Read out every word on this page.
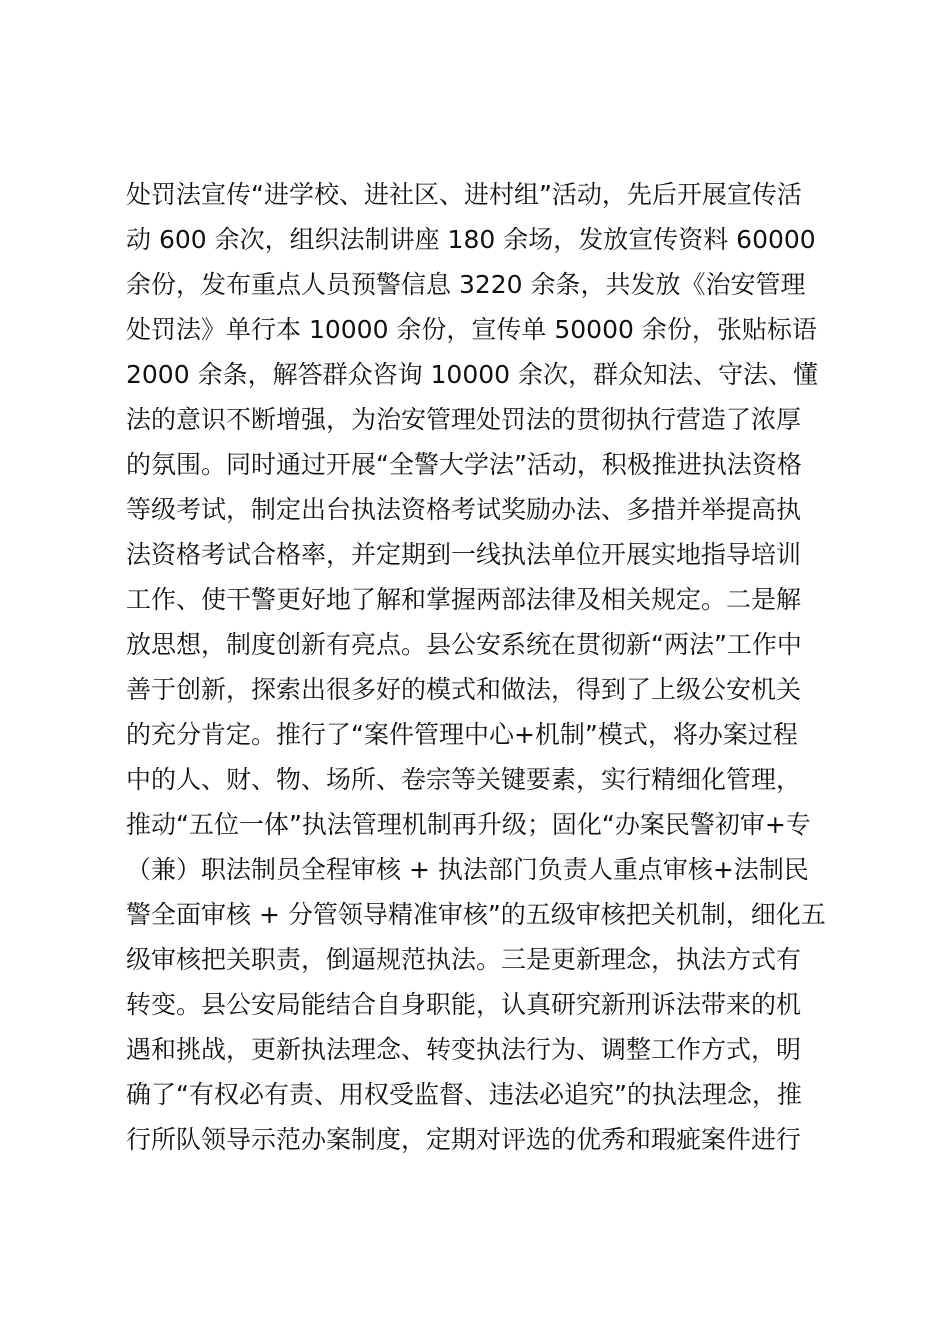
处罚法宣传“进学校、进社区、进村组”活动，先后开展宣传活
动 600 余次，组织法制讲座 180 余场，发放宣传资料 60000
余份，发布重点人员预警信息 3220 余条，共发放《治安管理
处罚法》单行本 10000 余份，宣传单 50000 余份，张贴标语
2000 余条，解答群众咨询 10000 余次，群众知法、守法、懂
法的意识不断增强，为治安管理处罚法的贯彻执行营造了浓厚
的氛围。同时通过开展“全警大学法”活动，积极推进执法资格
等级考试，制定出台执法资格考试奖励办法、多措并举提高执
法资格考试合格率，并定期到一线执法单位开展实地指导培训
工作、使干警更好地了解和掌握两部法律及相关规定。二是解
放思想，制度创新有亮点。县公安系统在贯彻新“两法”工作中
善于创新，探索出很多好的模式和做法，得到了上级公安机关
的充分肯定。推行了“案件管理中心+机制”模式，将办案过程
中的人、财、物、场所、卷宗等关键要素，实行精细化管理，
推动“五位一体”执法管理机制再升级；固化“办案民警初审+专
（兼）职法制员全程审核 + 执法部门负责人重点审核+法制民
警全面审核 + 分管领导精准审核”的五级审核把关机制，细化五
级审核把关职责，倒逼规范执法。三是更新理念，执法方式有
转变。县公安局能结合自身职能，认真研究新刑诉法带来的机
遇和挑战，更新执法理念、转变执法行为、调整工作方式，明
确了“有权必有责、用权受监督、违法必追究”的执法理念，推
行所队领导示范办案制度，定期对评选的优秀和瑕疵案件进行
